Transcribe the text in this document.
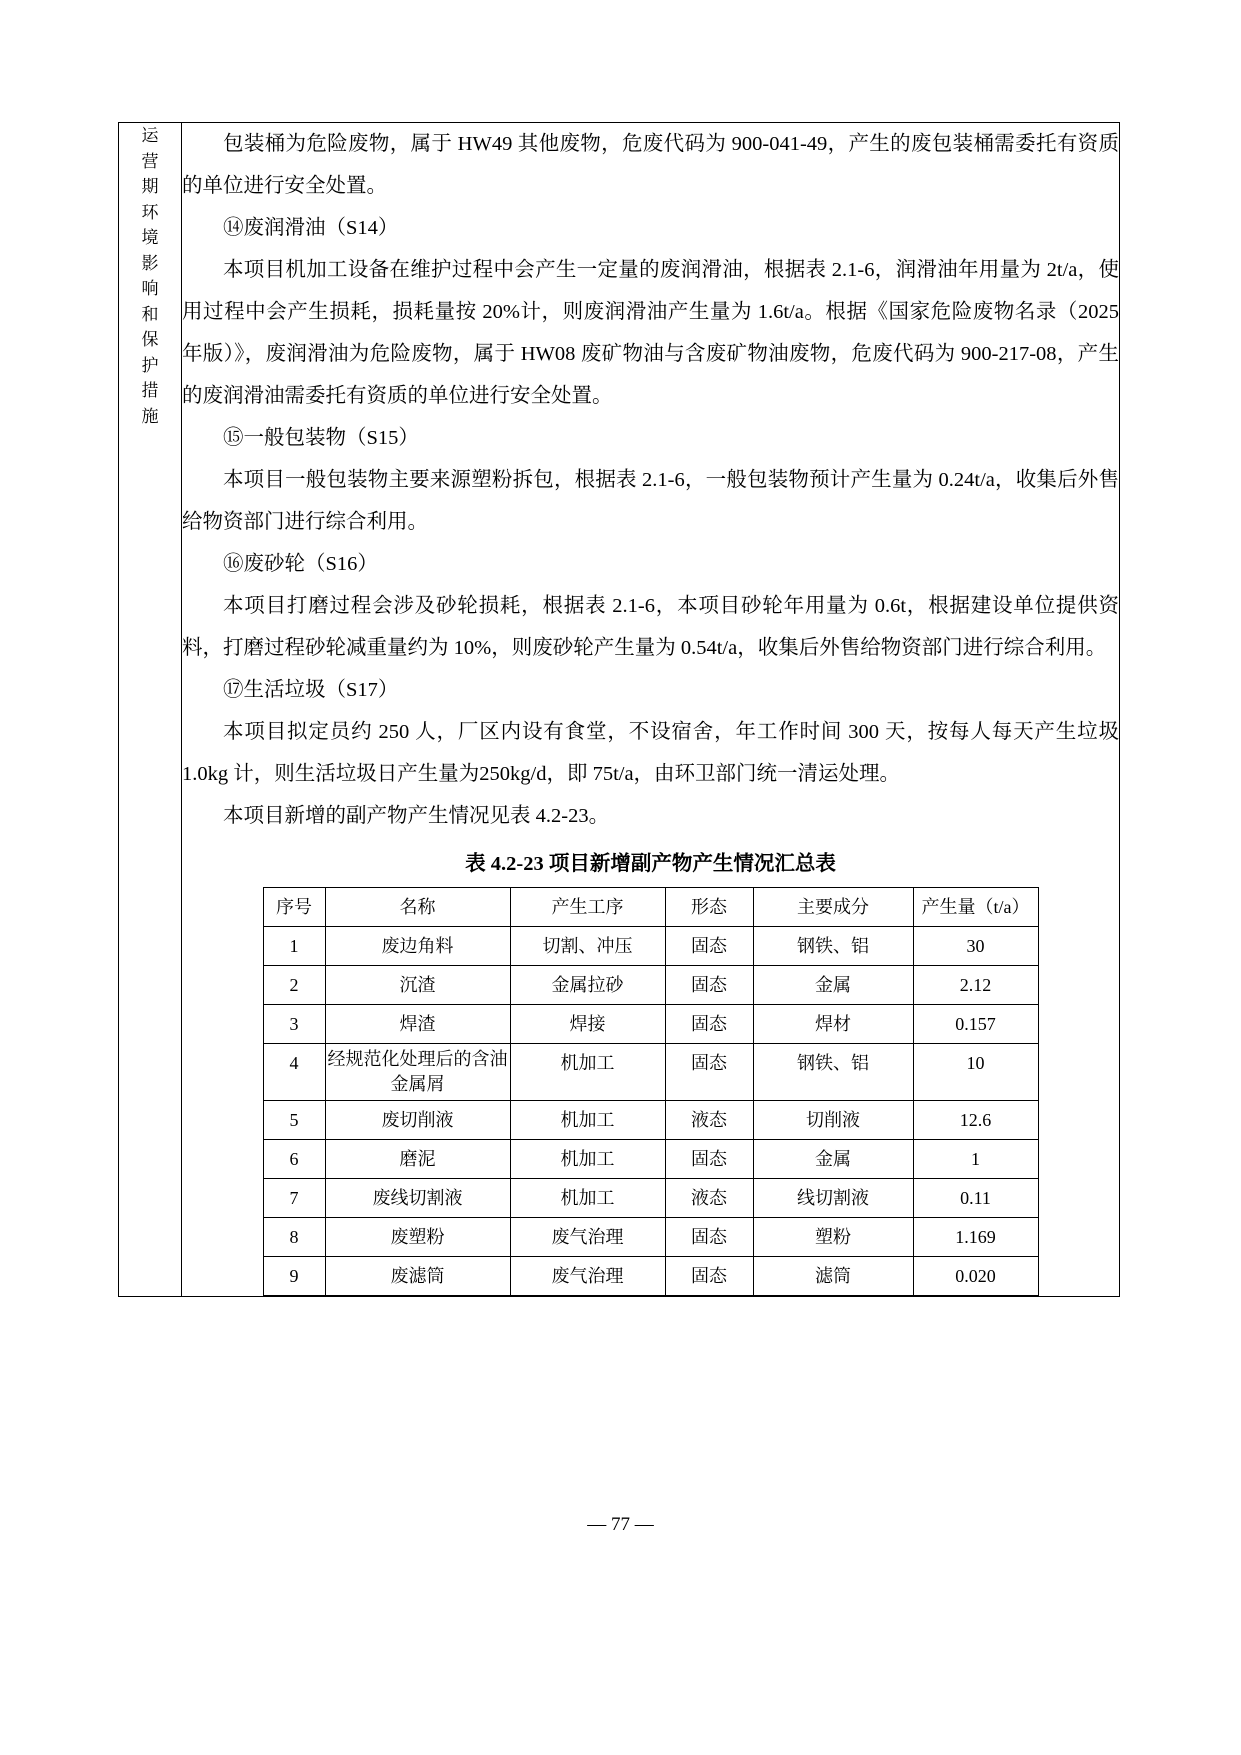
运
营
期
环
境
影
响
和
保
护
措
施

包装桶为危险废物，属于 HW49 其他废物，危废代码为 900-041-49，产生的废包装桶需委托有资质的单位进行安全处置。

⑭废润滑油（S14）

本项目机加工设备在维护过程中会产生一定量的废润滑油，根据表 2.1-6，润滑油年用量为 2t/a，使用过程中会产生损耗，损耗量按 20%计，则废润滑油产生量为 1.6t/a。根据《国家危险废物名录（2025 年版）》，废润滑油为危险废物，属于 HW08 废矿物油与含废矿物油废物，危废代码为 900-217-08，产生的废润滑油需委托有资质的单位进行安全处置。

⑮一般包装物（S15）

本项目一般包装物主要来源塑粉拆包，根据表 2.1-6，一般包装物预计产生量为 0.24t/a，收集后外售给物资部门进行综合利用。

⑯废砂轮（S16）

本项目打磨过程会涉及砂轮损耗，根据表 2.1-6，本项目砂轮年用量为 0.6t，根据建设单位提供资料，打磨过程砂轮减重量约为 10%，则废砂轮产生量为 0.54t/a，收集后外售给物资部门进行综合利用。

⑰生活垃圾（S17）

本项目拟定员约 250 人，厂区内设有食堂，不设宿舍，年工作时间 300 天，按每人每天产生垃圾 1.0kg 计，则生活垃圾日产生量为250kg/d，即 75t/a，由环卫部门统一清运处理。

本项目新增的副产物产生情况见表 4.2-23。

表 4.2-23 项目新增副产物产生情况汇总表
序号	名称	产生工序	形态	主要成分	产生量（t/a）
1	废边角料	切割、冲压	固态	钢铁、铝	30
2	沉渣	金属拉砂	固态	金属	2.12
3	焊渣	焊接	固态	焊材	0.157
4	经规范化处理后的含油金属屑	机加工	固态	钢铁、铝	10
5	废切削液	机加工	液态	切削液	12.6
6	磨泥	机加工	固态	金属	1
7	废线切割液	机加工	液态	线切割液	0.11
8	废塑粉	废气治理	固态	塑粉	1.169
9	废滤筒	废气治理	固态	滤筒	0.020
— 77 —
